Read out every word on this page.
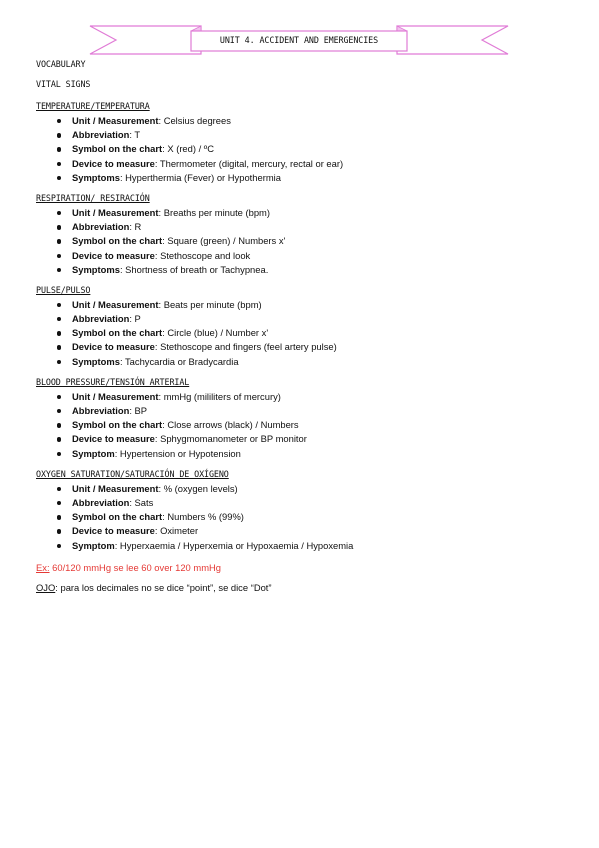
UNIT 4. ACCIDENT AND EMERGENCIES
VOCABULARY
VITAL SIGNS
TEMPERATURE/TEMPERATURA
Unit / Measurement: Celsius degrees
Abbreviation: T
Symbol on the chart: X (red) / ºC
Device to measure: Thermometer (digital, mercury, rectal or ear)
Symptoms: Hyperthermia (Fever) or Hypothermia
RESPIRATION/ RESIRACIÓN
Unit / Measurement: Breaths per minute (bpm)
Abbreviation: R
Symbol on the chart: Square (green) / Numbers x'
Device to measure: Stethoscope and look
Symptoms: Shortness of breath or Tachypnea.
PULSE/PULSO
Unit / Measurement: Beats per minute (bpm)
Abbreviation: P
Symbol on the chart: Circle (blue) / Number x'
Device to measure: Stethoscope and fingers (feel artery pulse)
Symptoms: Tachycardia or Bradycardia
BLOOD PRESSURE/TENSIÓN ARTERIAL
Unit / Measurement: mmHg (mililiters of mercury)
Abbreviation: BP
Symbol on the chart: Close arrows (black) / Numbers
Device to measure: Sphygmomanometer or BP monitor
Symptom: Hypertension or Hypotension
OXYGEN SATURATION/SATURACIÓN DE OXÍGENO
Unit / Measurement: % (oxygen levels)
Abbreviation: Sats
Symbol on the chart: Numbers % (99%)
Device to measure: Oximeter
Symptom: Hyperxaemia / Hyperxemia or Hypoxaemia / Hypoxemia
Ex: 60/120 mmHg se lee 60 over 120 mmHg
OJO: para los decimales no se dice “point”, se dice “Dot”
